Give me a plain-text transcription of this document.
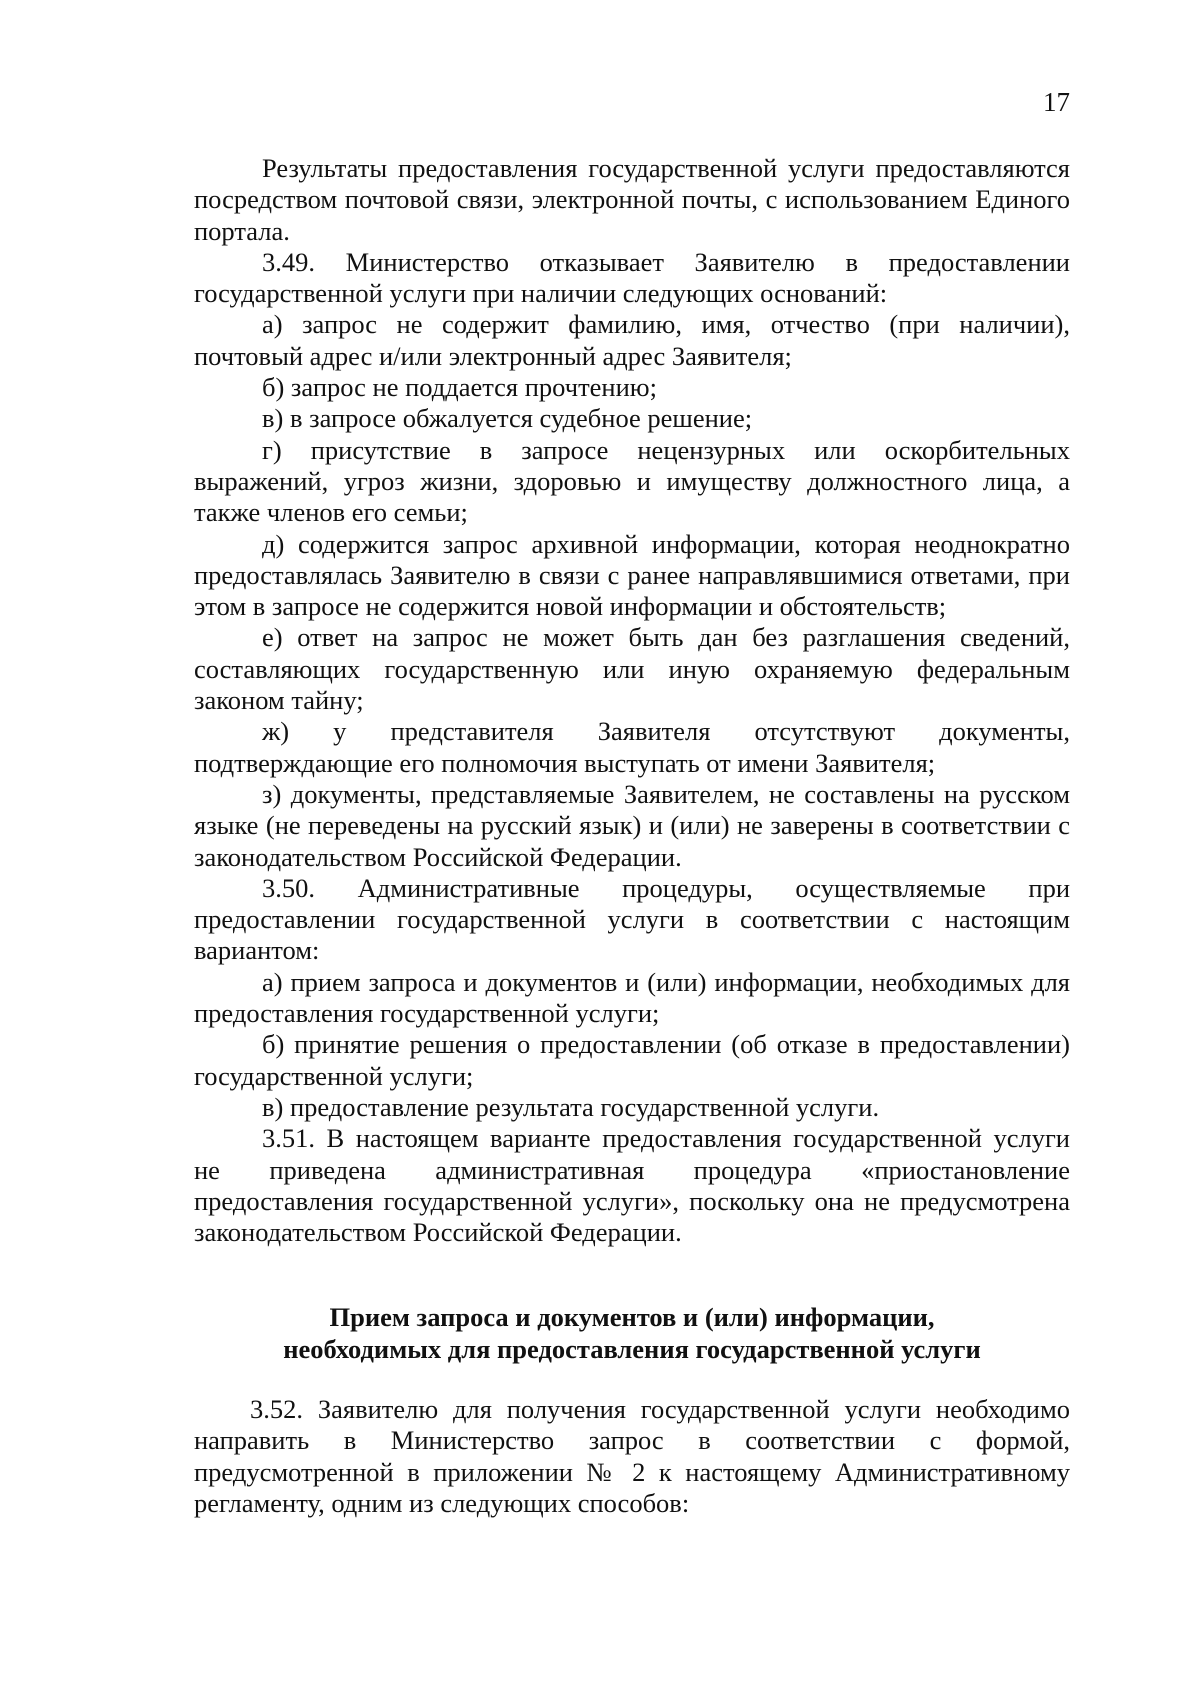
17

Результаты предоставления государственной услуги предоставляются посредством почтовой связи, электронной почты, с использованием Единого портала.

3.49. Министерство отказывает Заявителю в предоставлении государственной услуги при наличии следующих оснований:

а) запрос не содержит фамилию, имя, отчество (при наличии), почтовый адрес и/или электронный адрес Заявителя;

б) запрос не поддается прочтению;

в) в запросе обжалуется судебное решение;

г) присутствие в запросе нецензурных или оскорбительных выражений, угроз жизни, здоровью и имуществу должностного лица, а также членов его семьи;

д) содержится запрос архивной информации, которая неоднократно предоставлялась Заявителю в связи с ранее направлявшимися ответами, при этом в запросе не содержится новой информации и обстоятельств;

е) ответ на запрос не может быть дан без разглашения сведений, составляющих государственную или иную охраняемую федеральным законом тайну;

ж) у представителя Заявителя отсутствуют документы, подтверждающие его полномочия выступать от имени Заявителя;

з) документы, представляемые Заявителем, не составлены на русском языке (не переведены на русский язык) и (или) не заверены в соответствии с законодательством Российской Федерации.

3.50. Административные процедуры, осуществляемые при предоставлении государственной услуги в соответствии с настоящим вариантом:

а) прием запроса и документов и (или) информации, необходимых для предоставления государственной услуги;

б) принятие решения о предоставлении (об отказе в предоставлении) государственной услуги;

в) предоставление результата государственной услуги.

3.51. В настоящем варианте предоставления государственной услуги не приведена административная процедура «приостановление предоставления государственной услуги», поскольку она не предусмотрена законодательством Российской Федерации.

Прием запроса и документов и (или) информации,
необходимых для предоставления государственной услуги

3.52. Заявителю для получения государственной услуги необходимо направить в Министерство запрос в соответствии с формой, предусмотренной в приложении № 2 к настоящему Административному регламенту, одним из следующих способов:
